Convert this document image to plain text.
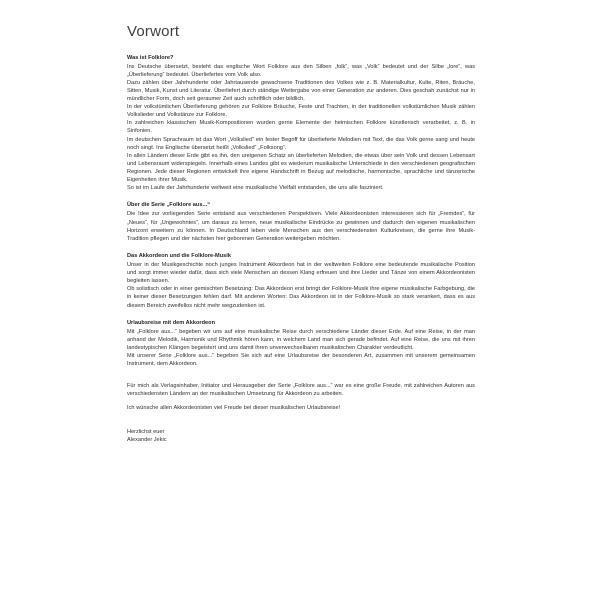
Vorwort
Was ist Folklore?

Ins Deutsche übersetzt, besteht das englische Wort Folklore aus den Silben „folk“, was „Volk“ bedeutet und der Silbe „lore“, was „Überlieferung“ bedeutet. Überliefertes vom Volk also.

Dazu zählen über Jahrhunderte oder Jahrtausende gewachsene Traditionen des Volkes wie z. B. Materialkultur, Kulte, Riten, Bräuche, Sitten, Musik, Kunst und Literatur. Überliefert durch ständige Weitergabe von einer Generation zur anderen. Dies geschah zunächst nur in mündlicher Form, doch seit geraumer Zeit auch schriftlich oder bildlich.

In der volkstümlichen Überlieferung gehören zur Folklore Bräuche, Feste und Trachten, in der traditionellen volkstümlichen Musik zählen Volkslieder und Volkstänze zur Folklore.

In zahlreichen klassischen Musik-Kompositionen wurden gerne Elemente der heimischen Folklore künstlerisch verarbeitet, z. B. in Sinfonien.

Im deutschen Sprachraum ist das Wort „Volkslied“ ein fester Begriff für überlieferte Melodien mit Text, die das Volk gerne sang und heute noch singt. Ins Englische übersetzt heißt „Volkslied“ „Folksong“.

In allen Ländern dieser Erde gibt es ihn, den ureigenen Schatz an überlieferten Melodien, die etwas über sein Volk und dessen Lebensart und Lebensraum widerspiegeln. Innerhalb eines Landes gibt es wiederum musikalische Unterschiede in den verschiedenen geografischen Regionen. Jede dieser Regionen entwickelt ihre eigene Handschrift in Bezug auf melodische, harmonische, sprachliche und tänzerische Eigenheiten ihrer Musik.

So ist im Laufe der Jahrhunderte weltweit eine musikalische Vielfalt entstanden, die uns alle fasziniert.

Über die Serie „Folklore aus...“

Die Idee zur vorliegenden Serie entstand aus verschiedenen Perspektiven. Viele Akkordeonisten interessieren sich für „Fremdes“, für „Neues“, für „Ungewohntes“, um daraus zu lernen, neue musikalische Eindrücke zu gewinnen und dadurch den eigenen musikalischen Horizont erweitern zu können. In Deutschland leben viele Menschen aus den verschiedensten Kulturkreisen, die gerne ihre Musik-Tradition pflegen und der nächsten hier geborenen Generation weitergeben möchten.

Das Akkordeon und die Folklore-Musik

Unser in der Musikgeschichte noch junges Instrument Akkordeon hat in der weltweiten Folklore eine bedeutende musikalische Position und sorgt immer wieder dafür, dass sich viele Menschen an dessen Klang erfreuen und ihre Lieder und Tänze von einem Akkordeonisten begleiten lassen.

Ob solistisch oder in einer gemischten Besetzung: Das Akkordeon erst bringt der Folklore-Musik ihre eigene musikalische Farbgebung, die in keiner dieser Besetzungen fehlen darf. Mit anderen Worten: Das Akkordeon ist in der Folklore-Musik so stark verankert, dass es aus diesem Bereich zweifellos nicht mehr wegzudenken ist.

Urlaubsreise mit dem Akkordeon

Mit „Folklore aus...“ begeben wir uns auf eine musikalische Reise durch verschiedene Länder dieser Erde. Auf eine Reise, in der man anhand der Melodik, Harmonik und Rhythmik hören kann, in welchem Land man sich gerade befindet. Auf eine Reise, die uns mit ihren landestypischen Klängen begeistert und uns damit ihren unverwechselbaren musikalischen Charakter verdeutlicht.

Mit unserer Serie „Folklore aus...“ begeben Sie sich auf eine Urlaubsreise der besonderen Art, zusammen mit unserem gemeinsamen Instrument, dem Akkordeon.

Für mich als Verlagsinhaber, Initiator und Herausgeber der Serie „Folklore aus...“ war es eine große Freude, mit zahlreichen Autoren aus verschiedensten Ländern an der musikalischen Umsetzung für Akkordeon zu arbeiten.

Ich wünsche allen Akkordeonisten viel Freude bei dieser musikalischen Urlaubsreise!

Herzlichst euer
Alexander Jekic
